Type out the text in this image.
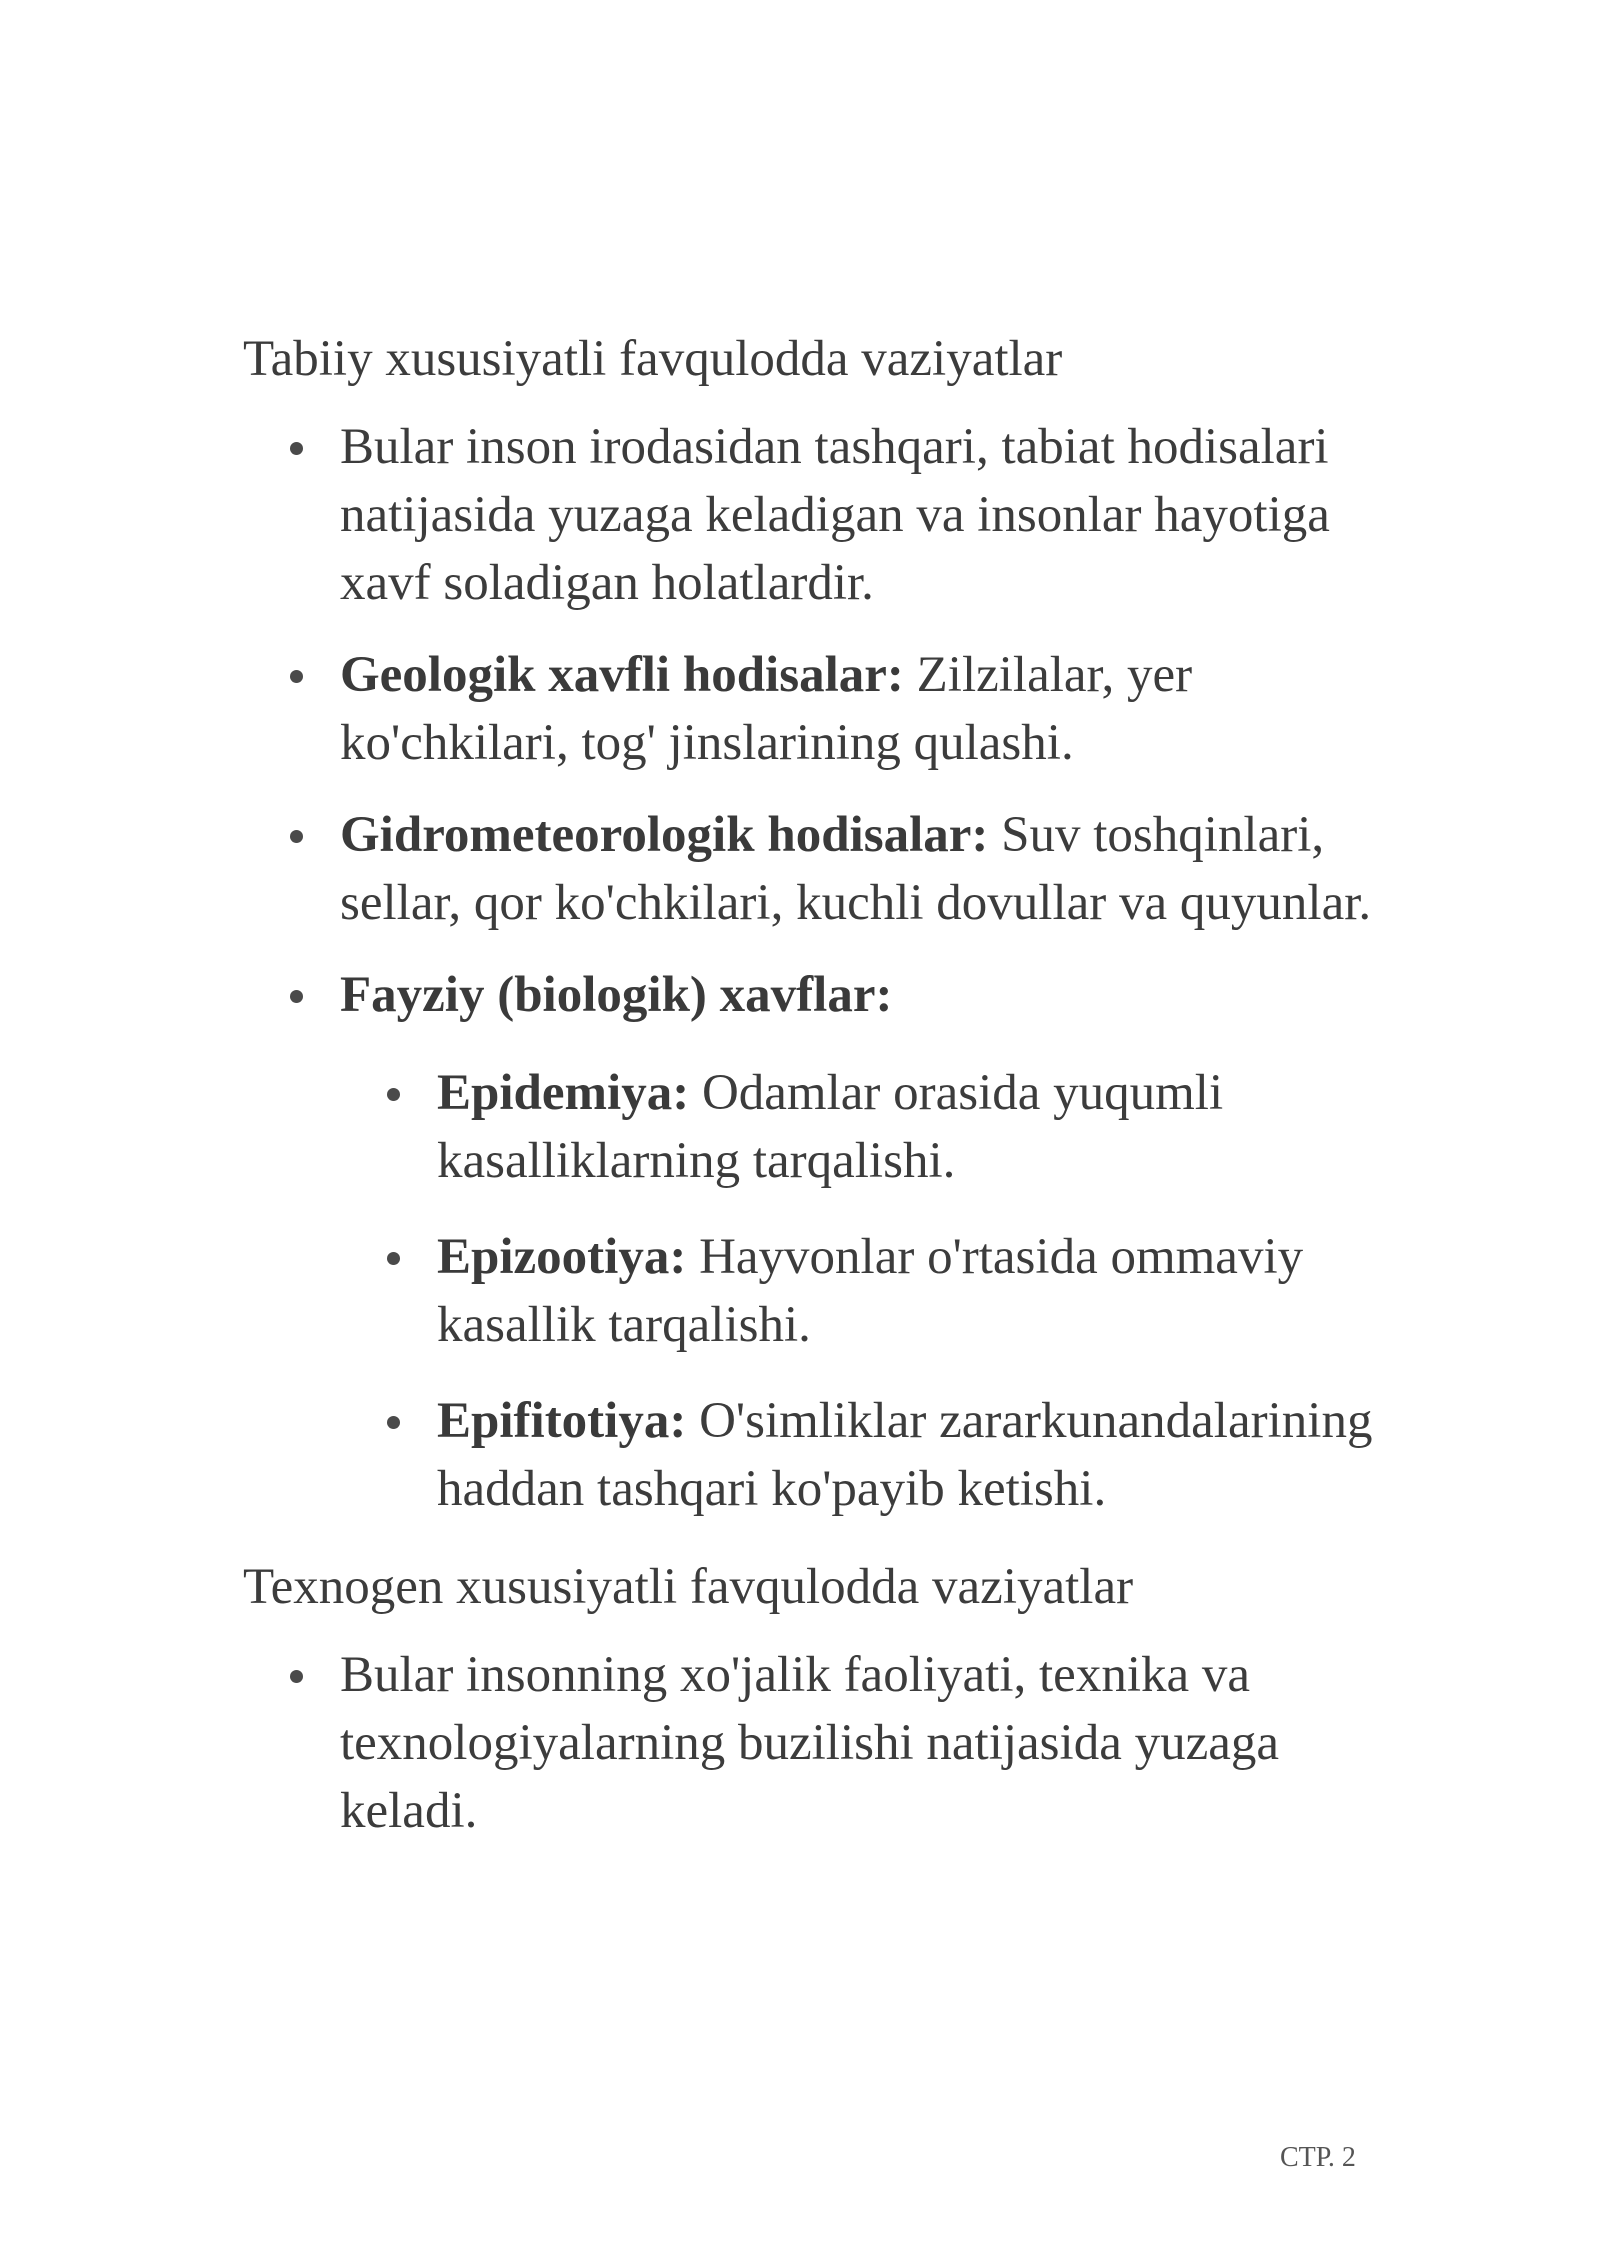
Tabiiy xususiyatli favqulodda vaziyatlar

Bular inson irodasidan tashqari, tabiat hodisalari natijasida yuzaga keladigan va insonlar hayotiga xavf soladigan holatlardir.
Geologik xavfli hodisalar: Zilzilalar, yer ko'chkilari, tog' jinslarining qulashi.
Gidrometeorologik hodisalar: Suv toshqinlari, sellar, qor ko'chkilari, kuchli dovullar va quyunlar.
Fayziy (biologik) xavflar:
Epidemiya: Odamlar orasida yuqumli kasalliklarning tarqalishi.
Epizootiya: Hayvonlar o'rtasida ommaviy kasallik tarqalishi.
Epifitotiya: O'simliklar zararkunandalarining haddan tashqari ko'payib ketishi.

Texnogen xususiyatli favqulodda vaziyatlar

Bular insonning xo'jalik faoliyati, texnika va texnologiyalarning buzilishi natijasida yuzaga keladi.
СТР. 2
